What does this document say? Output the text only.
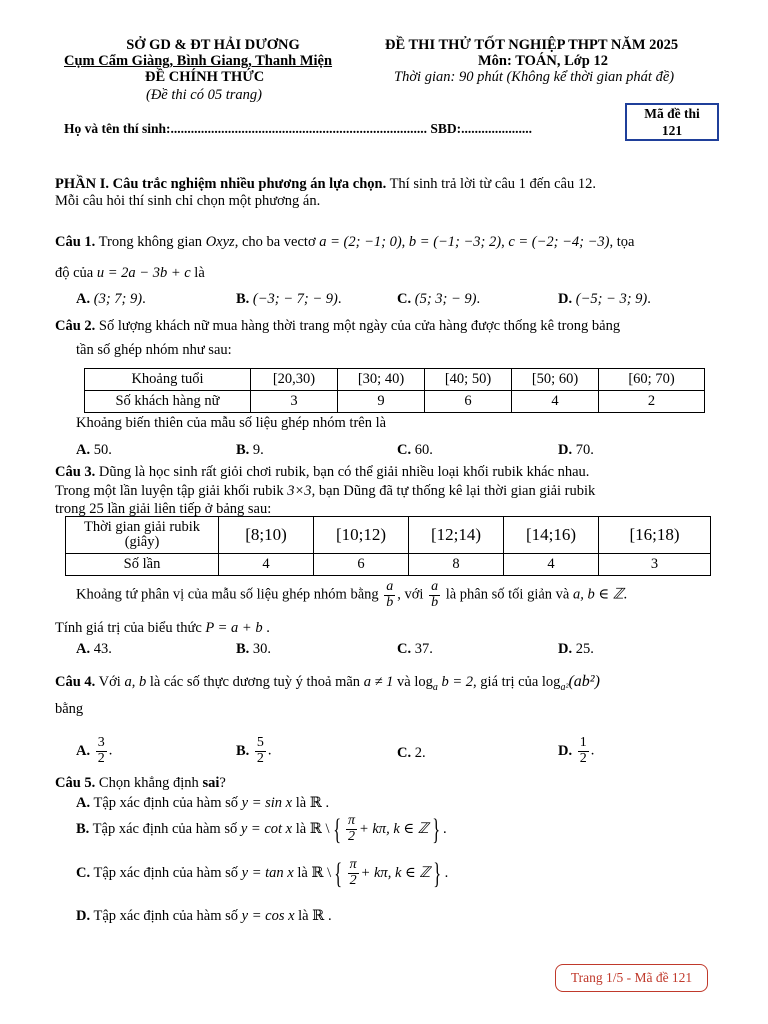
SỞ GD & ĐT HẢI DƯƠNG
Cụm Cẩm Giàng, Bình Giang, Thanh Miện
ĐỀ CHÍNH THỨC
(Đề thi có 05 trang)
ĐỀ THI THỬ TỐT NGHIỆP THPT NĂM 2025
Môn: TOÁN, Lớp 12
Thời gian: 90 phút (Không kể thời gian phát đề)
Mã đề thi
121
Họ và tên thí sinh:............................................................................ SBD:.....................
PHẦN I. Câu trắc nghiệm nhiều phương án lựa chọn. Thí sinh trả lời từ câu 1 đến câu 12.
Mỗi câu hỏi thí sinh chỉ chọn một phương án.
Câu 1. Trong không gian Oxyz, cho ba vectơ a = (2; −1; 0), b = (−1; −3; 2), c = (−2; −4; −3), tọa
độ của u = 2a − 3b + c là
A. (3; 7; 9).	B. (−3; − 7; − 9).	C. (5; 3; − 9).	D. (−5; − 3; 9).
Câu 2. Số lượng khách nữ mua hàng thời trang một ngày của cửa hàng được thống kê trong bảng
tần số ghép nhóm như sau:
Khoảng tuổi	[20,30)	[30; 40)	[40; 50)	[50; 60)	[60; 70)
Số khách hàng nữ	3	9	6	4	2
Khoảng biến thiên của mẫu số liệu ghép nhóm trên là
A. 50.	B. 9.	C. 60.	D. 70.
Câu 3. Dũng là học sinh rất giỏi chơi rubik, bạn có thể giải nhiều loại khối rubik khác nhau.
Trong một lần luyện tập giải khối rubik 3×3, bạn Dũng đã tự thống kê lại thời gian giải rubik
trong 25 lần giải liên tiếp ở bảng sau:
Thời gian giải rubik
(giây)	[8;10)	[10;12)	[12;14)	[14;16)	[16;18)
Số lần	4	6	8	4	3
Khoảng tứ phân vị của mẫu số liệu ghép nhóm bằng $\frac{a}{b}$ , với $\frac{a}{b}$ là phân số tối giản và a, b ∈ ℤ.
Tính giá trị của biểu thức P = a + b .
A. 43.	B. 30.	C. 37.	D. 25.
Câu 4. Với a, b là các số thực dương tuỳ ý thoả mãn a ≠ 1 và $\log_a b = 2$, giá trị của $\log_{a^2}(ab^2)$
bằng
A. $\frac{3}{2}$ .	B. $\frac{5}{2}$ .	C. 2.	D. $\frac{1}{2}$ .
Câu 5. Chọn khẳng định sai?
A. Tập xác định của hàm số y = sin x là ℝ .
B. Tập xác định của hàm số y = cot x là ℝ \ { $\frac{\pi}{2} + k\pi$, k ∈ ℤ } .
C. Tập xác định của hàm số y = tan x là ℝ \ { $\frac{\pi}{2} + k\pi$, k ∈ ℤ } .
D. Tập xác định của hàm số y = cos x là ℝ .
Trang 1/5 - Mã đề 121
